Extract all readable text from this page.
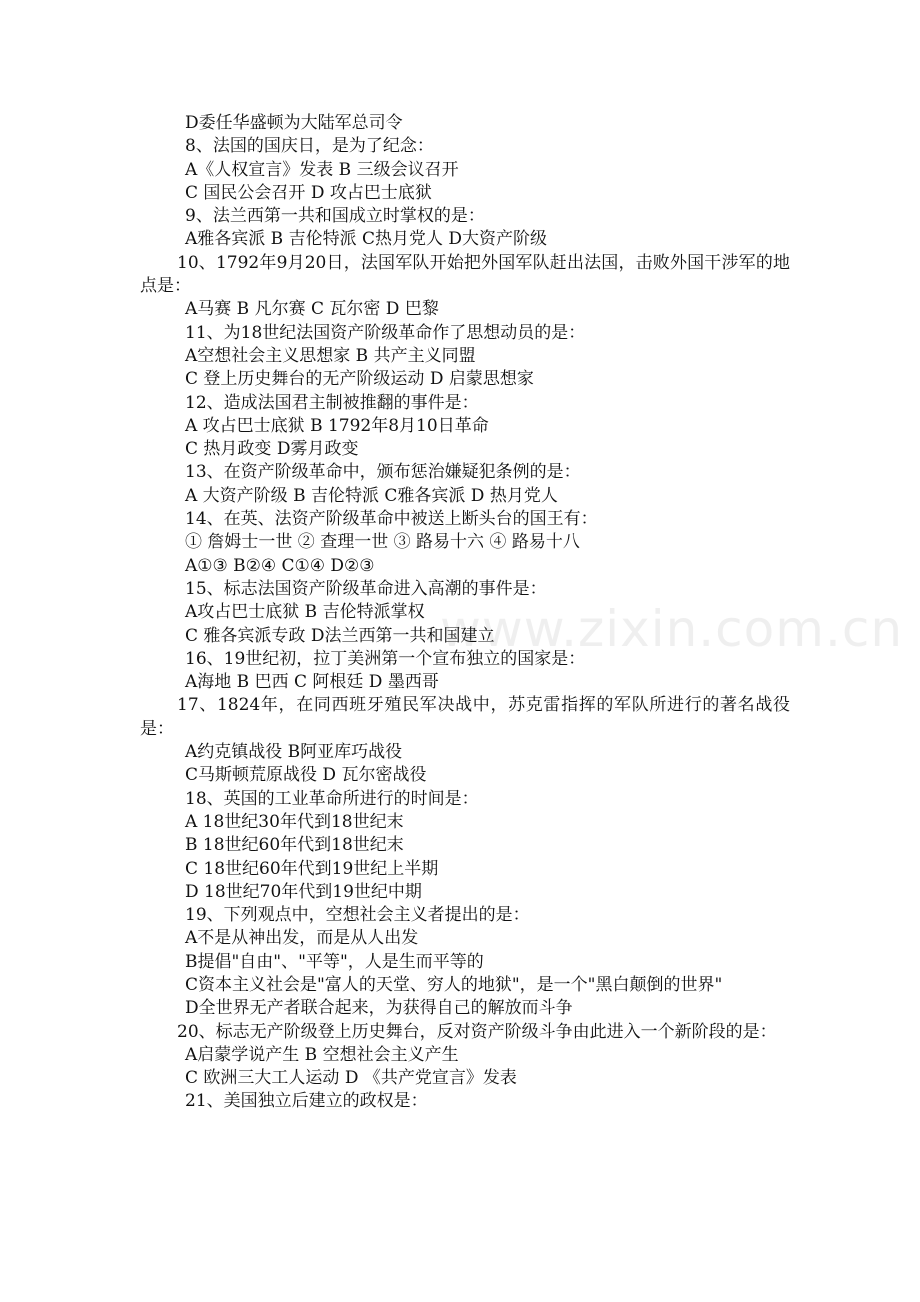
www.zixin.com.cn

D委任华盛顿为大陆军总司令

8、法国的国庆日，是为了纪念：

A《人权宣言》发表 B 三级会议召开

C 国民公会召开 D 攻占巴士底狱

9、法兰西第一共和国成立时掌权的是：

A雅各宾派 B 吉伦特派 C热月党人 D大资产阶级

10、1792年9月20日，法国军队开始把外国军队赶出法国，击败外国干涉军的地点是：

A马赛 B 凡尔赛 C 瓦尔密 D 巴黎

11、为18世纪法国资产阶级革命作了思想动员的是：

A空想社会主义思想家 B 共产主义同盟

C 登上历史舞台的无产阶级运动 D 启蒙思想家

12、造成法国君主制被推翻的事件是：

A 攻占巴士底狱 B 1792年8月10日革命

C 热月政变 D雾月政变

13、在资产阶级革命中，颁布惩治嫌疑犯条例的是：

A 大资产阶级 B 吉伦特派 C雅各宾派 D 热月党人

14、在英、法资产阶级革命中被送上断头台的国王有：

① 詹姆士一世 ② 查理一世 ③ 路易十六 ④ 路易十八

A①③ B②④ C①④ D②③

15、标志法国资产阶级革命进入高潮的事件是：

A攻占巴士底狱 B 吉伦特派掌权

C 雅各宾派专政 D法兰西第一共和国建立

16、19世纪初，拉丁美洲第一个宣布独立的国家是：

A海地 B 巴西 C 阿根廷 D 墨西哥

17、1824年，在同西班牙殖民军决战中，苏克雷指挥的军队所进行的著名战役是：

A约克镇战役 B阿亚库巧战役

C马斯顿荒原战役 D 瓦尔密战役

18、英国的工业革命所进行的时间是：

A 18世纪30年代到18世纪末

B 18世纪60年代到18世纪末

C 18世纪60年代到19世纪上半期

D 18世纪70年代到19世纪中期

19、下列观点中，空想社会主义者提出的是：

A不是从神出发，而是从人出发

B提倡"自由"、"平等"，人是生而平等的

C资本主义社会是"富人的天堂、穷人的地狱"，是一个"黑白颠倒的世界"

D全世界无产者联合起来，为获得自己的解放而斗争

20、标志无产阶级登上历史舞台，反对资产阶级斗争由此进入一个新阶段的是：

A启蒙学说产生 B 空想社会主义产生

C 欧洲三大工人运动 D 《共产党宣言》发表

21、美国独立后建立的政权是：
